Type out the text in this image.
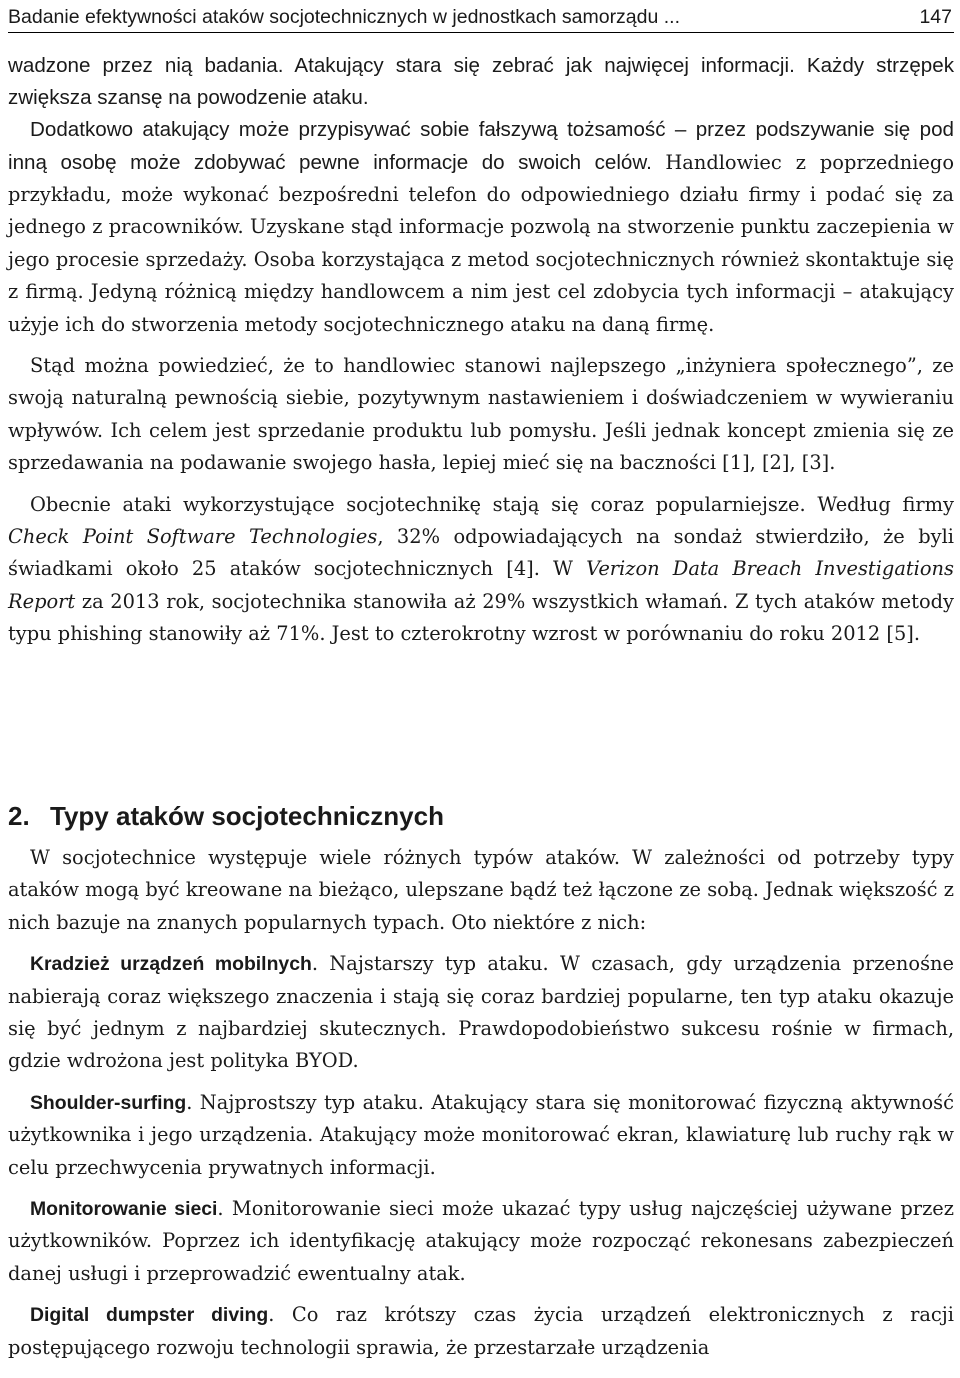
Badanie efektywności ataków socjotechnicznych w jednostkach samorządu ...	147

wadzone przez nią badania. Atakujący stara się zebrać jak najwięcej informacji. Każdy strzępek zwiększa szansę na powodzenie ataku.

Dodatkowo atakujący może przypisywać sobie fałszywą tożsamość – przez podszywanie się pod inną osobę może zdobywać pewne informacje do swoich celów. Handlowiec z poprzedniego przykładu, może wykonać bezpośredni telefon do odpowiedniego działu firmy i podać się za jednego z pracowników. Uzyskane stąd informacje pozwolą na stworzenie punktu zaczepienia w jego procesie sprzedaży. Osoba korzystająca z metod socjotechnicznych również skontaktuje się z firmą. Jedyną różnicą między handlowcem a nim jest cel zdobycia tych informacji – atakujący użyje ich do stworzenia metody socjotechnicznego ataku na daną firmę.

Stąd można powiedzieć, że to handlowiec stanowi najlepszego „inżyniera społecznego”, ze swoją naturalną pewnością siebie, pozytywnym nastawieniem i doświadczeniem w wywieraniu wpływów. Ich celem jest sprzedanie produktu lub pomysłu. Jeśli jednak koncept zmienia się ze sprzedawania na podawanie swojego hasła, lepiej mieć się na baczności [1], [2], [3].

Obecnie ataki wykorzystujące socjotechnikę stają się coraz popularniejsze. Według firmy Check Point Software Technologies, 32% odpowiadających na sondaż stwierdziło, że byli świadkami około 25 ataków socjotechnicznych [4]. W Verizon Data Breach Investigations Report za 2013 rok, socjotechnika stanowiła aż 29% wszystkich włamań. Z tych ataków metody typu phishing stanowiły aż 71%. Jest to czterokrotny wzrost w porównaniu do roku 2012 [5].

2. Typy ataków socjotechnicznych

W socjotechnice występuje wiele różnych typów ataków. W zależności od potrzeby typy ataków mogą być kreowane na bieżąco, ulepszane bądź też łączone ze sobą. Jednak większość z nich bazuje na znanych popularnych typach. Oto niektóre z nich:

Kradzież urządzeń mobilnych. Najstarszy typ ataku. W czasach, gdy urządzenia przenośne nabierają coraz większego znaczenia i stają się coraz bardziej popularne, ten typ ataku okazuje się być jednym z najbardziej skutecznych. Prawdopodobieństwo sukcesu rośnie w firmach, gdzie wdrożona jest polityka BYOD.

Shoulder-surfing. Najprostszy typ ataku. Atakujący stara się monitorować fizyczną aktywność użytkownika i jego urządzenia. Atakujący może monitorować ekran, klawiaturę lub ruchy rąk w celu przechwycenia prywatnych informacji.

Monitorowanie sieci. Monitorowanie sieci może ukazać typy usług najczęściej używane przez użytkowników. Poprzez ich identyfikację atakujący może rozpocząć rekonesans zabezpieczeń danej usługi i przeprowadzić ewentualny atak.

Digital dumpster diving. Co raz krótszy czas życia urządzeń elektronicznych z racji postępującego rozwoju technologii sprawia, że przestarzałe urządzenia
